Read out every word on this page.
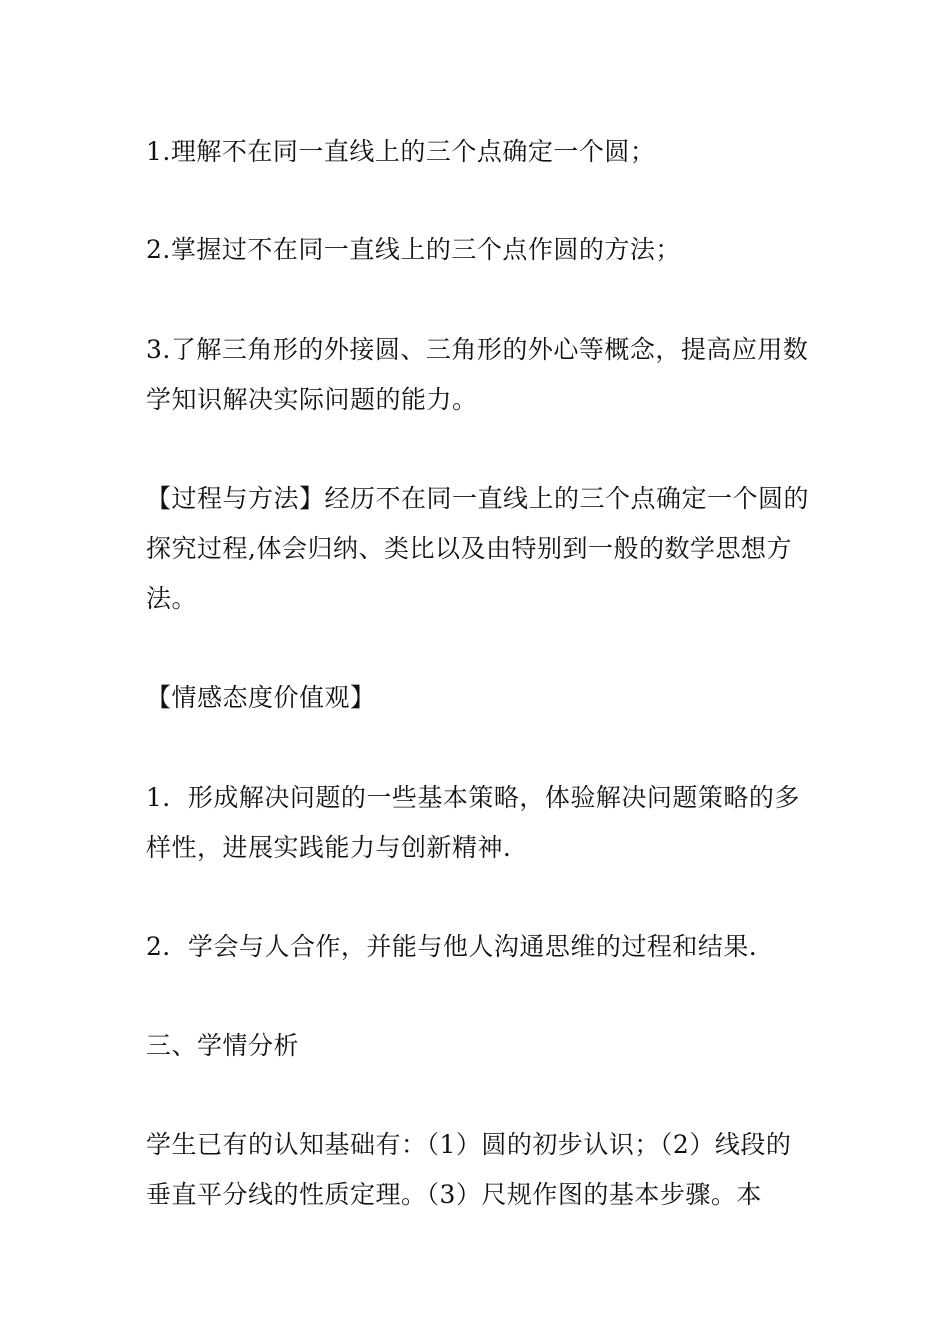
1.理解不在同一直线上的三个点确定一个圆；

2.掌握过不在同一直线上的三个点作圆的方法；

3.了解三角形的外接圆、三角形的外心等概念，提高应用数学知识解决实际问题的能力。

【过程与方法】经历不在同一直线上的三个点确定一个圆的探究过程,体会归纳、类比以及由特别到一般的数学思想方法。

【情感态度价值观】

1．形成解决问题的一些基本策略，体验解决问题策略的多样性，进展实践能力与创新精神．

2．学会与人合作，并能与他人沟通思维的过程和结果．

三、学情分析

学生已有的认知基础有：（1）圆的初步认识；（2）线段的垂直平分线的性质定理。（3）尺规作图的基本步骤。本
